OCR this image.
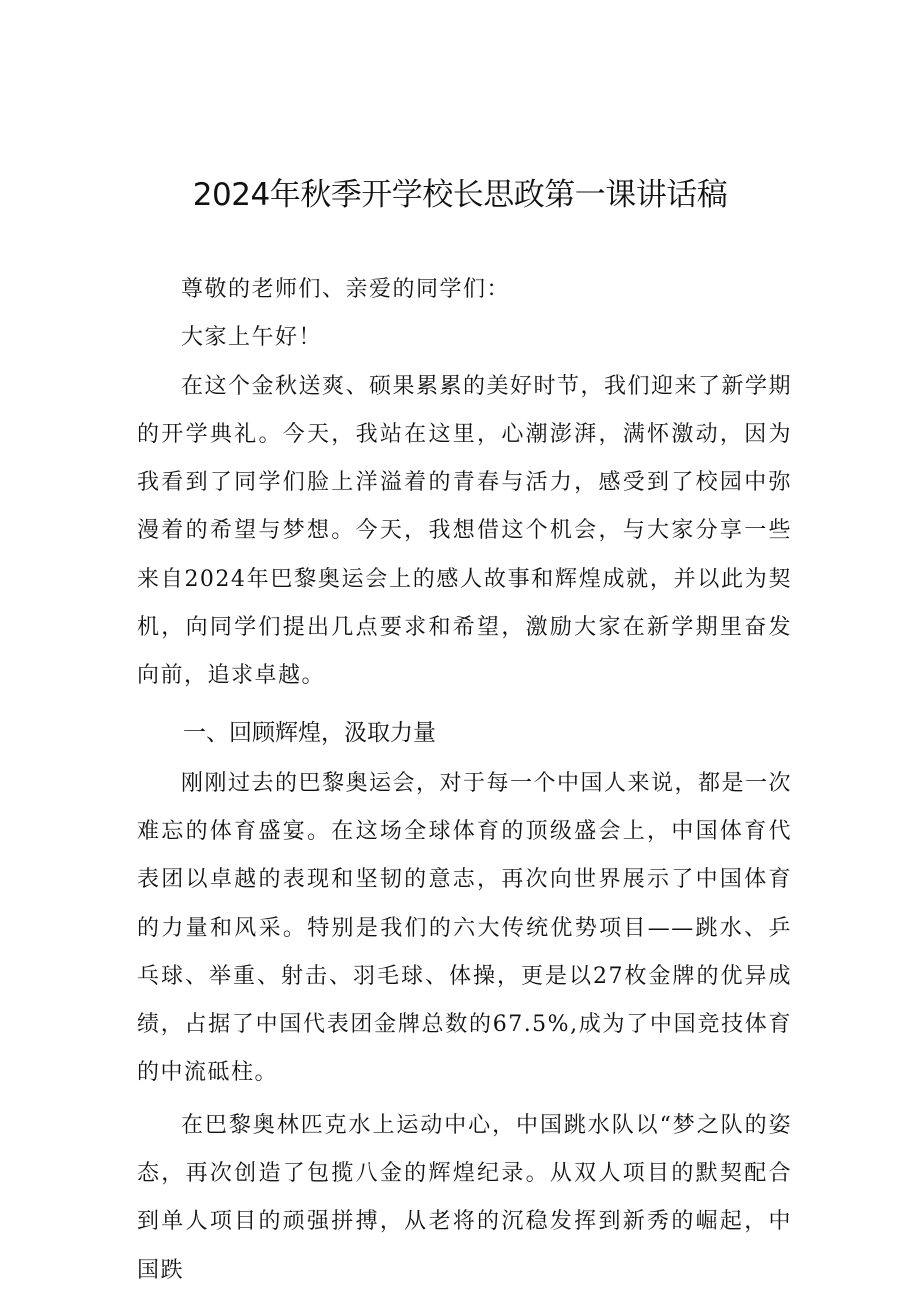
2024年秋季开学校长思政第一课讲话稿

尊敬的老师们、亲爱的同学们：

大家上午好！

在这个金秋送爽、硕果累累的美好时节，我们迎来了新学期的开学典礼。今天，我站在这里，心潮澎湃，满怀激动，因为我看到了同学们脸上洋溢着的青春与活力，感受到了校园中弥漫着的希望与梦想。今天，我想借这个机会，与大家分享一些来自2024年巴黎奥运会上的感人故事和辉煌成就，并以此为契机，向同学们提出几点要求和希望，激励大家在新学期里奋发向前，追求卓越。

一、回顾辉煌，汲取力量

刚刚过去的巴黎奥运会，对于每一个中国人来说，都是一次难忘的体育盛宴。在这场全球体育的顶级盛会上，中国体育代表团以卓越的表现和坚韧的意志，再次向世界展示了中国体育的力量和风采。特别是我们的六大传统优势项目——跳水、乒乓球、举重、射击、羽毛球、体操，更是以27枚金牌的优异成绩，占据了中国代表团金牌总数的67.5%,成为了中国竞技体育的中流砥柱。

在巴黎奥林匹克水上运动中心，中国跳水队以“梦之队的姿态，再次创造了包揽八金的辉煌纪录。从双人项目的默契配合到单人项目的顽强拼搏，从老将的沉稳发挥到新秀的崛起，中国跌
